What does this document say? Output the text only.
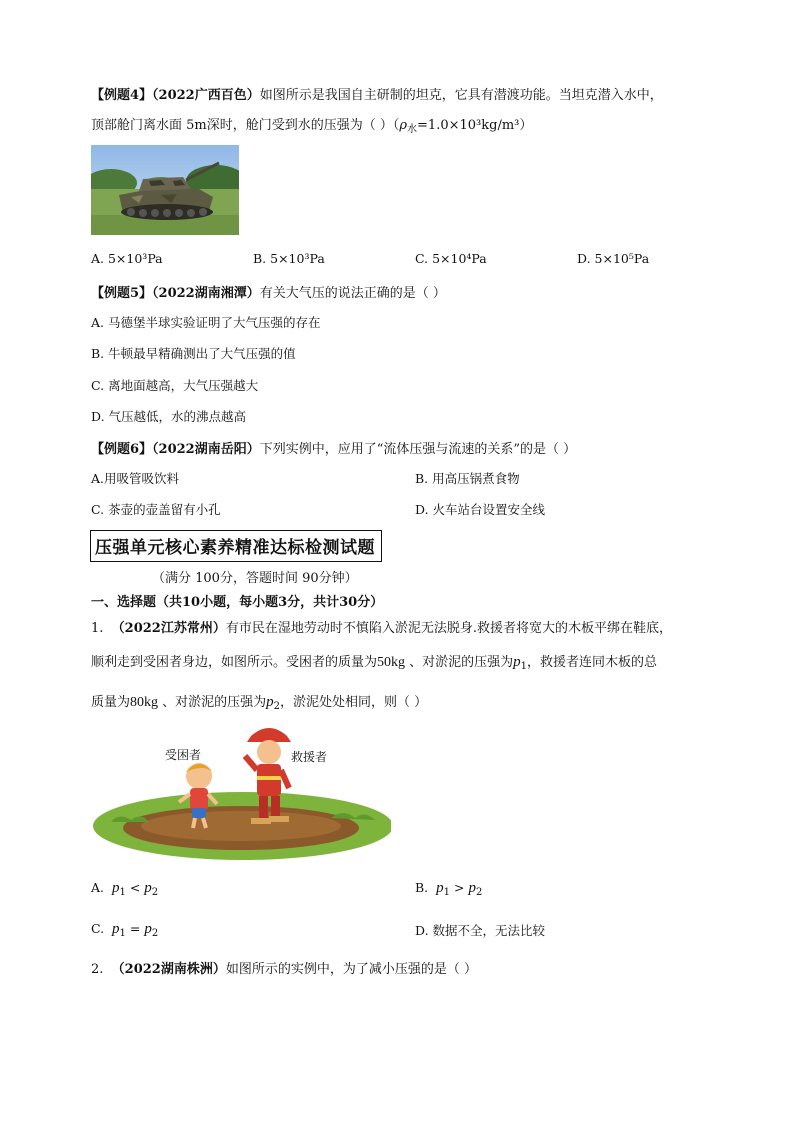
【例题4】（2022广西百色）如图所示是我国自主研制的坦克，它具有潜渡功能。当坦克潜入水中，
顶部舱门离水面 5m深时，舱门受到水的压强为（ ）$(\rho_水=1.0\times 10^3kg/m^3)$
A. 5×10³Pa	B. 5×10³Pa	C. 5×10⁴Pa	D. 5×10⁵Pa
【例题5】（2022湖南湘潭）有关大气压的说法正确的是（ ）
A. 马德堡半球实验证明了大气压强的存在
B. 牛顿最早精确测出了大气压强的值
C. 离地面越高，大气压强越大
D. 气压越低，水的沸点越高
【例题6】（2022湖南岳阳）下列实例中，应用了“流体压强与流速的关系”的是（ ）
A.用吸管吸饮料	B. 用高压锅煮食物
C. 茶壶的壶盖留有小孔	D. 火车站台设置安全线
压强单元核心素养精准达标检测试题
（满分 100分，答题时间 90分钟）
一、选择题（共10小题，每小题3分，共计30分）
1. （2022江苏常州）有市民在湿地劳动时不慎陷入淤泥无法脱身.救援者将宽大的木板平绑在鞋底，
顺利走到受困者身边，如图所示。受困者的质量为50kg 、对淤泥的压强为$p_1$，救援者连同木板的总
质量为80kg 、对淤泥的压强为$p_2$，淤泥处处相同，则（ ）
受困者	救援者
A. $p_1 < p_2$	B. $p_1 > p_2$
C. $p_1 = p_2$	D. 数据不全，无法比较
2. （2022湖南株洲）如图所示的实例中，为了减小压强的是（ ）
